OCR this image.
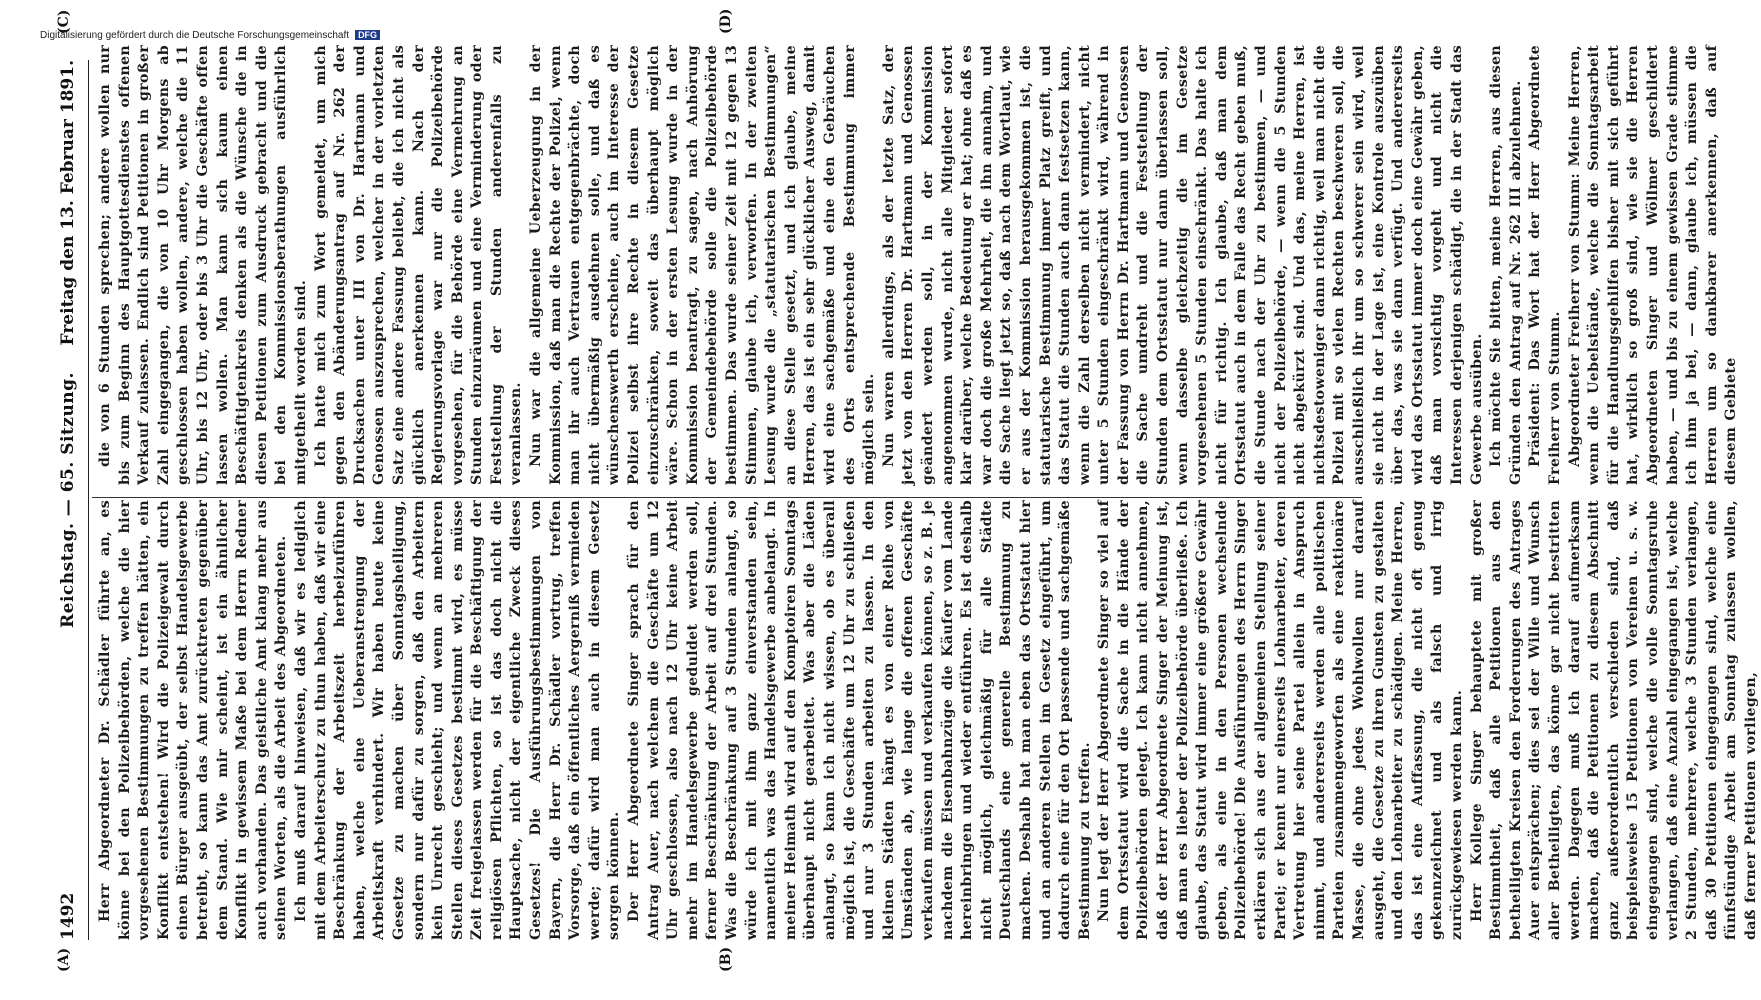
1492
Reichstag. — 65. Sitzung.
Freitag den 13. Februar 1891.
(A)	(B)
(C)	(D)

Herr Abgeordneter Dr. Schädler führte an, es könne bei den Polizeibehörden, welche die hier vorgesehenen Bestimmungen zu treffen hätten, ein Konflikt entstehen! Wird die Polizeigewalt durch einen Bürger ausgeübt, der selbst Handelsgewerbe betreibt, so kann das Amt zurücktreten gegenüber dem Stand. Wie mir scheint, ist ein ähnlicher Konflikt in gewissem Maße bei dem Herrn Redner auch vorhanden. Das geistliche Amt klang mehr aus seinen Worten, als die Arbeit des Abgeordneten. Ich muß darauf hinweisen, daß wir es lediglich mit dem Arbeiterschutz zu thun haben, daß wir eine Beschränkung der Arbeitszeit herbeizuführen haben, welche eine Ueberanstrengung der Arbeitskraft verhindert. Wir haben heute keine Gesetze zu machen über Sonntagsheiligung, sondern nur dafür zu sorgen, daß den Arbeitern kein Unrecht geschieht; und wenn an mehreren Stellen dieses Gesetzes bestimmt wird, es müsse Zeit freigelassen werden für die Beschäftigung der religiösen Pflichten, so ist das doch nicht die Hauptsache, nicht der eigentliche Zweck dieses Gesetzes! Die Ausführungsbestimmungen von Bayern, die Herr Dr. Schädler vortrug, treffen Vorsorge, daß ein öffentliches Aergerniß vermieden werde; dafür wird man auch in diesem Gesetz sorgen können. Der Herr Abgeordnete Singer sprach für den Antrag Auer, nach welchem die Geschäfte um 12 Uhr geschlossen, also nach 12 Uhr keine Arbeit mehr im Handelsgewerbe geduldet werden soll, ferner Beschränkung der Arbeit auf drei Stunden. Was die Beschränkung auf 3 Stunden anlangt, so würde ich mit ihm ganz einverstanden sein, namentlich was das Handelsgewerbe anbelangt. In meiner Heimath wird auf den Komptoiren Sonntags überhaupt nicht gearbeitet. Was aber die Läden anlangt, so kann ich nicht wissen, ob es überall möglich ist, die Geschäfte um 12 Uhr zu schließen und nur 3 Stunden arbeiten zu lassen. In den kleinen Städten hängt es von einer Reihe von Umständen ab, wie lange die offenen Geschäfte verkaufen müssen und verkaufen können, so z. B. je nachdem die Eisenbahnzüge die Käufer vom Lande hereinbringen und wieder entführen. Es ist deshalb nicht möglich, gleichmäßig für alle Städte Deutschlands eine generelle Bestimmung zu machen. Deshalb hat man eben das Ortsstatut hier und an anderen Stellen im Gesetz eingeführt, um dadurch eine für den Ort passende und sachgemäße Bestimmung zu treffen. Nun legt der Herr Abgeordnete Singer so viel auf dem Ortsstatut wird die Sache in die Hände der Polizeibehörden gelegt. Ich kann nicht annehmen, daß der Herr Abgeordnete Singer der Meinung ist, daß man es lieber der Polizeibehörde überließe. Ich glaube, das Statut wird immer eine größere Gewähr geben, als eine in den Personen wechselnde Polizeibehörde! Die Ausführungen des Herrn Singer erklären sich aus der allgemeinen Stellung seiner Partei; er kennt nur einerseits Lohnarbeiter, deren Vertretung hier seine Partei allein in Anspruch nimmt, und andererseits werden alle politischen Parteien zusammengeworfen als eine reaktionäre Masse, die ohne jedes Wohlwollen nur darauf ausgeht, die Gesetze zu ihren Gunsten zu gestalten und den Lohnarbeiter zu schädigen. Meine Herren, das ist eine Auffassung, die nicht oft genug gekennzeichnet und als falsch und irrig zurückgewiesen werden kann. Herr Kollege Singer behauptete mit großer Bestimmtheit, daß alle Petitionen aus den betheiligten Kreisen den Forderungen des Antrages Auer entsprächen; dies sei der Wille und Wunsch aller Betheiligten, das könne gar nicht bestritten werden. Dagegen muß ich darauf aufmerksam machen, daß die Petitionen zu diesem Abschnitt ganz außerordentlich verschieden sind, daß beispielsweise 15 Petitionen von Vereinen u. s. w. eingegangen sind, welche die volle Sonntagsruhe verlangen, daß eine Anzahl eingegangen ist, welche 2 Stunden, mehrere, welche 3 Stunden verlangen, daß 30 Petitionen eingegangen sind, welche eine fünfstündige Arbeit am Sonntag zulassen wollen, daß ferner Petitionen vorliegen,

die von 6 Stunden sprechen; andere wollen nur bis zum Beginn des Hauptgottesdienstes offenen Verkauf zulassen. Endlich sind Petitionen in großer Zahl eingegangen, die von 10 Uhr Morgens ab geschlossen haben wollen, andere, welche die 11 Uhr, bis 12 Uhr, oder bis 3 Uhr die Geschäfte offen lassen wollen. Man kann sich kaum einen Beschäftigtenkreis denken als die Wünsche die in diesen Petitionen zum Ausdruck gebracht und die bei den Kommissionsberathungen ausführlich mitgetheilt worden sind. Ich hatte mich zum Wort gemeldet, um mich gegen den Abänderungsantrag auf Nr. 262 der Drucksachen unter III von Dr. Hartmann und Genossen auszusprechen, welcher in der vorletzten Satz eine andere Fassung beliebt, die ich nicht als glücklich anerkennen kann. Nach der Regierungsvorlage war nur die Polizeibehörde vorgesehen, für die Behörde eine Vermehrung an Stunden einzuräumen und eine Verminderung oder Feststellung der Stunden anderenfalls zu veranlassen. Nun war die allgemeine Ueberzeugung in der Kommission, daß man die Rechte der Polizei, wenn man ihr auch Vertrauen entgegenbrächte, doch nicht übermäßig ausdehnen solle, und daß es wünschenswerth erscheine, auch im Interesse der Polizei selbst ihre Rechte in diesem Gesetze einzuschränken, soweit das überhaupt möglich wäre. Schon in der ersten Lesung wurde in der Kommission beantragt, zu sagen, nach Anhörung der Gemeindebehörde solle die Polizeibehörde bestimmen. Das wurde seiner Zeit mit 12 gegen 13 Stimmen, glaube ich, verworfen. In der zweiten Lesung wurde die „statutarischen Bestimmungen“ an diese Stelle gesetzt, und ich glaube, meine Herren, das ist ein sehr glücklicher Ausweg, damit wird eine sachgemäße und eine den Gebräuchen des Orts entsprechende Bestimmung immer möglich sein. Nun waren allerdings, als der letzte Satz, der jetzt von den Herren Dr. Hartmann und Genossen geändert werden soll, in der Kommission angenommen wurde, nicht alle Mitglieder sofort klar darüber, welche Bedeutung er hat; ohne daß es war doch die große Mehrheit, die ihn annahm, und die Sache liegt jetzt so, daß nach dem Wortlaut, wie er aus der Kommission herausgekommen ist, die statutarische Bestimmung immer Platz greift, und das Statut die Stunden auch dann festsetzen kann, wenn die Zahl derselben nicht vermindert, nicht unter 5 Stunden eingeschränkt wird, während in der Fassung von Herrn Dr. Hartmann und Genossen die Sache umdreht und die Feststellung der Stunden dem Ortsstatut nur dann überlassen soll, wenn dasselbe gleichzeitig die im Gesetze vorgesehenen 5 Stunden einschränkt. Das halte ich nicht für richtig. Ich glaube, daß man dem Ortsstatut auch in dem Falle das Recht geben muß, die Stunde nach der Uhr zu bestimmen, — und nicht der Polizeibehörde, — wenn die 5 Stunden nicht abgekürzt sind. Und das, meine Herren, ist nichtsdestoweniger dann richtig, weil man nicht die Polizei mit so vielen Rechten beschweren soll, die ausschließlich ihr um so schwerer sein wird, weil sie nicht in der Lage ist, eine Kontrole auszuüben über das, was sie dann verfügt. Und andererseits wird das Ortsstatut immer doch eine Gewähr geben, daß man vorsichtig vorgeht und nicht die Interessen derjenigen schädigt, die in der Stadt das Gewerbe ausüben. Ich möchte Sie bitten, meine Herren, aus diesen Gründen den Antrag auf Nr. 262 III abzulehnen. Präsident: Das Wort hat der Herr Abgeordnete Freiherr von Stumm. Abgeordneter Freiherr von Stumm: Meine Herren, wenn die Uebelstände, welche die Sonntagsarbeit für die Handlungsgehilfen bisher mit sich geführt hat, wirklich so groß sind, wie sie die Herren Abgeordneten Singer und Wöllmer geschildert haben, — und bis zu einem gewissen Grade stimme ich ihm ja bei, — dann, glaube ich, müssen die Herren um so dankbarer anerkennen, daß auf diesem Gebiete

Digitalisierung gefördert durch die Deutsche Forschungsgemeinschaft DFG
